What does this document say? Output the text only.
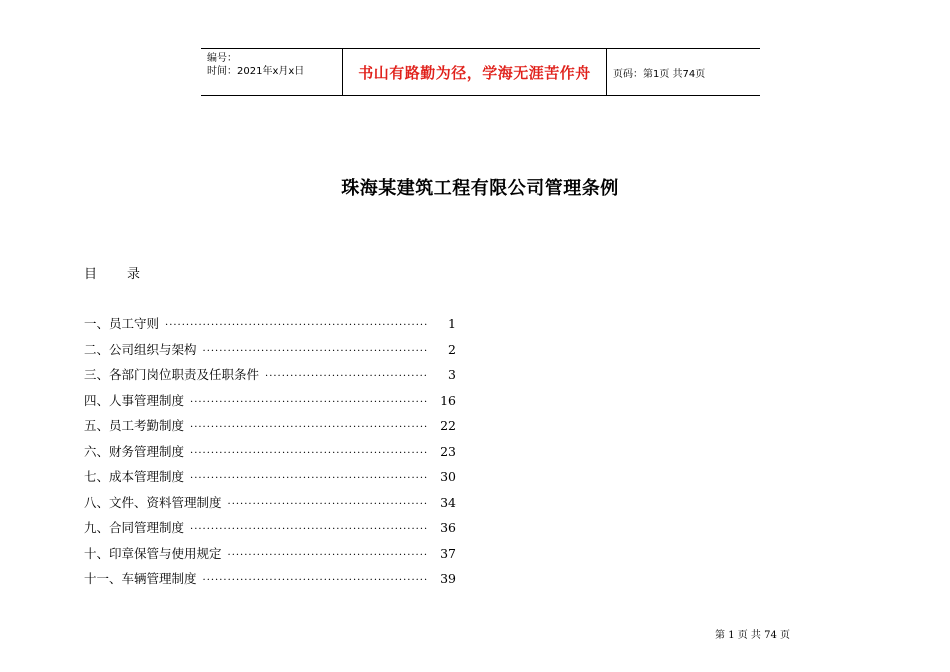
编号：
时间：2021年x月x日	书山有路勤为径，学海无涯苦作舟	页码：第1页 共74页
珠海某建筑工程有限公司管理条例
目 录
一、员工守则 ·····	1
二、公司组织与架构 ·····	2
三、各部门岗位职责及任职条件 ·····	3
四、人事管理制度 ·····	16
五、员工考勤制度 ·····	22
六、财务管理制度 ·····	23
七、成本管理制度 ·····	30
八、文件、资料管理制度 ·····	34
九、合同管理制度 ·····	36
十、印章保管与使用规定 ·····	37
十一、车辆管理制度 ·····	39
第 1 页 共 74 页
